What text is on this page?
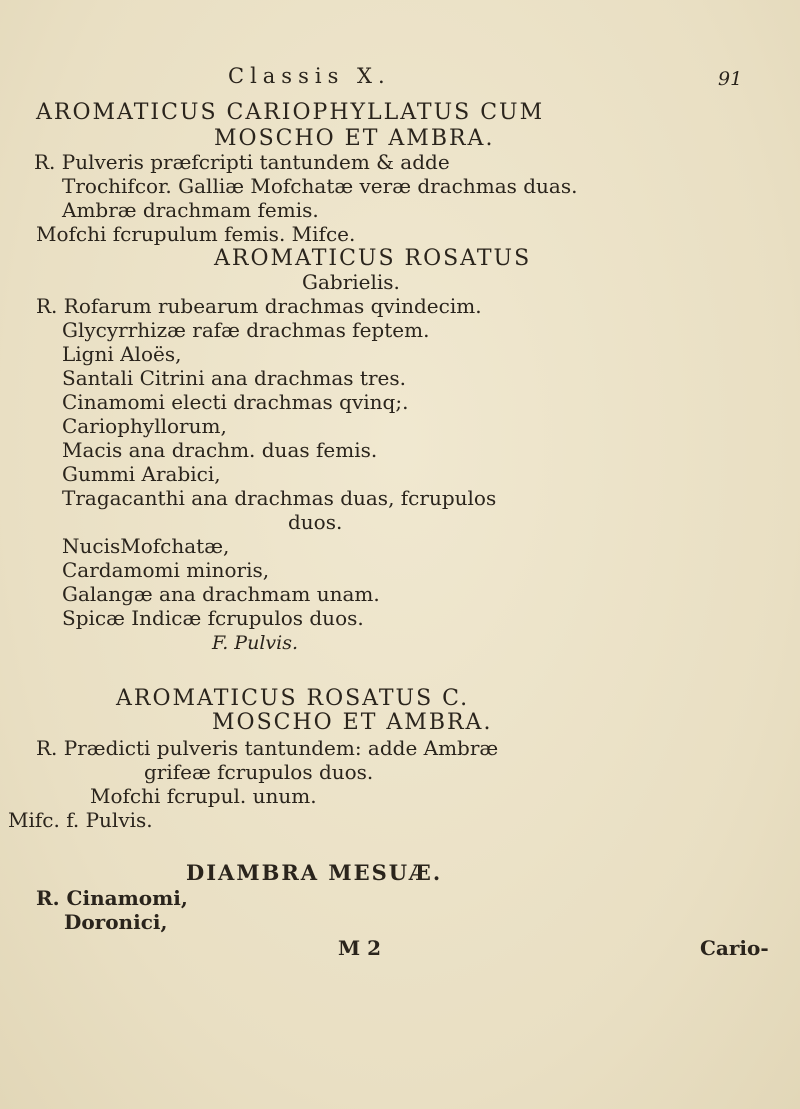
Classis X.	91
AROMATICUS CARIOPHYLLATUS CUM
MOSCHO ET AMBRA.
R. Pulveris præfcripti tantundem & adde
Trochifcor. Galliæ Mofchatæ veræ drachmas duas.
Ambræ drachmam femis.
Mofchi fcrupulum femis. Mifce.
AROMATICUS ROSATUS
Gabrielis.
R. Rofarum rubearum drachmas qvindecim.
Glycyrrhizæ rafæ drachmas feptem.
Ligni Aloës,
Santali Citrini ana drachmas tres.
Cinamomi electi drachmas qvinq;.
Cariophyllorum,
Macis ana drachm. duas femis.
Gummi Arabici,
Tragacanthi ana drachmas duas, fcrupulos
duos.
NucisMofchatæ,
Cardamomi minoris,
Galangæ ana drachmam unam.
Spicæ Indicæ fcrupulos duos.
F. Pulvis.
AROMATICUS ROSATUS C.
MOSCHO ET AMBRA.
R. Prædicti pulveris tantundem: adde Ambræ
grifeæ fcrupulos duos.
Mofchi fcrupul. unum.
Mifc. f. Pulvis.
DIAMBRA MESUÆ.
R. Cinamomi,
Doronici,
M 2	Cario-
